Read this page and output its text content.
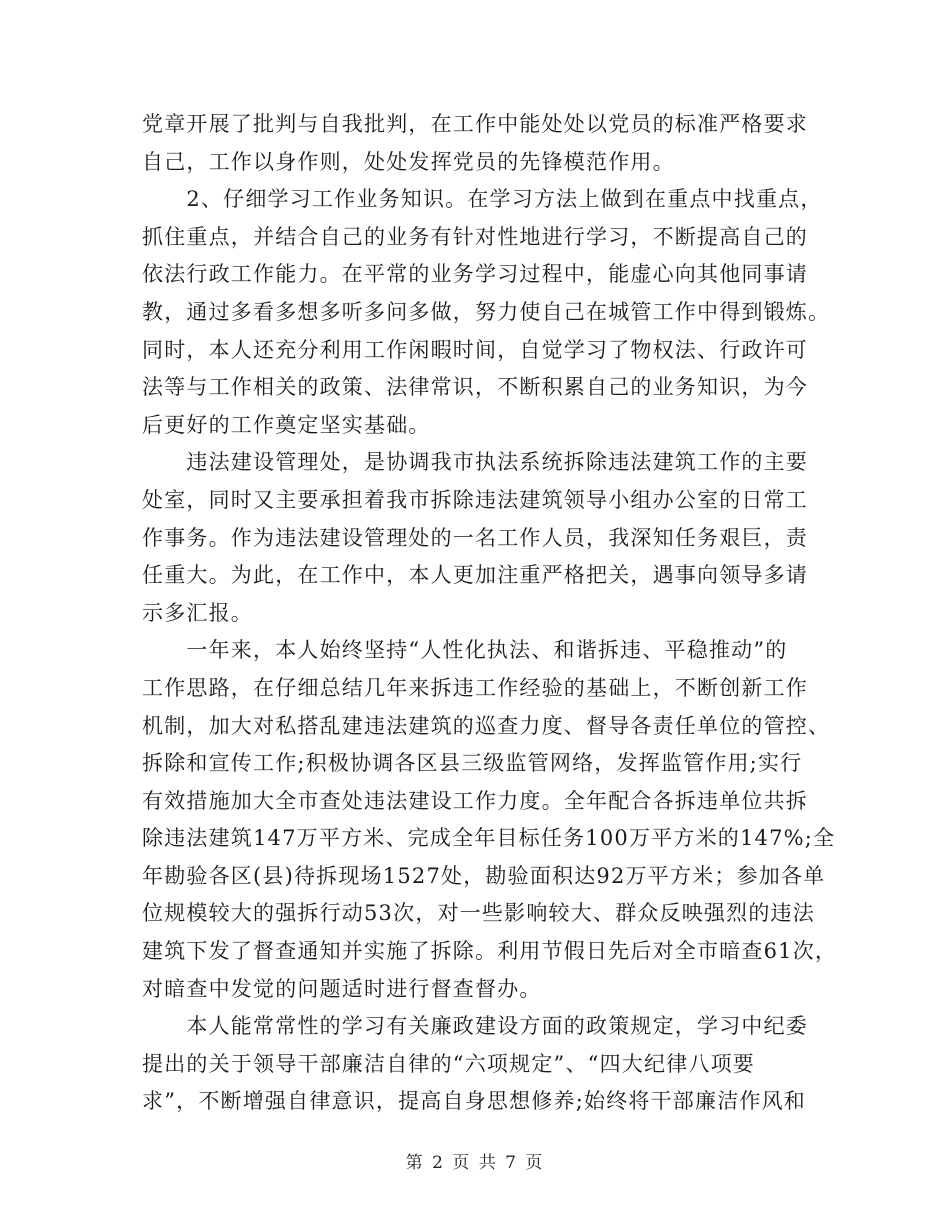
党章开展了批判与自我批判，在工作中能处处以党员的标准严格要求
自己，工作以身作则，处处发挥党员的先锋模范作用。

　　2、仔细学习工作业务知识。在学习方法上做到在重点中找重点，
抓住重点，并结合自己的业务有针对性地进行学习，不断提高自己的
依法行政工作能力。在平常的业务学习过程中，能虚心向其他同事请
教，通过多看多想多听多问多做，努力使自己在城管工作中得到锻炼。
同时，本人还充分利用工作闲暇时间，自觉学习了物权法、行政许可
法等与工作相关的政策、法律常识，不断积累自己的业务知识，为今
后更好的工作奠定坚实基础。

　　违法建设管理处，是协调我市执法系统拆除违法建筑工作的主要
处室，同时又主要承担着我市拆除违法建筑领导小组办公室的日常工
作事务。作为违法建设管理处的一名工作人员，我深知任务艰巨，责
任重大。为此，在工作中，本人更加注重严格把关，遇事向领导多请
示多汇报。

　　一年来，本人始终坚持“人性化执法、和谐拆违、平稳推动”的
工作思路，在仔细总结几年来拆违工作经验的基础上，不断创新工作
机制，加大对私搭乱建违法建筑的巡查力度、督导各责任单位的管控、
拆除和宣传工作;积极协调各区县三级监管网络，发挥监管作用;实行
有效措施加大全市查处违法建设工作力度。全年配合各拆违单位共拆
除违法建筑147万平方米、完成全年目标任务100万平方米的147%;全
年勘验各区(县)待拆现场1527处，勘验面积达92万平方米；参加各单
位规模较大的强拆行动53次，对一些影响较大、群众反映强烈的违法
建筑下发了督查通知并实施了拆除。利用节假日先后对全市暗查61次，
对暗查中发觉的问题适时进行督查督办。

　　本人能常常性的学习有关廉政建设方面的政策规定，学习中纪委
提出的关于领导干部廉洁自律的“六项规定”、“四大纪律八项要
求”，不断增强自律意识，提高自身思想修养;始终将干部廉洁作风和

第 2 页 共 7 页
